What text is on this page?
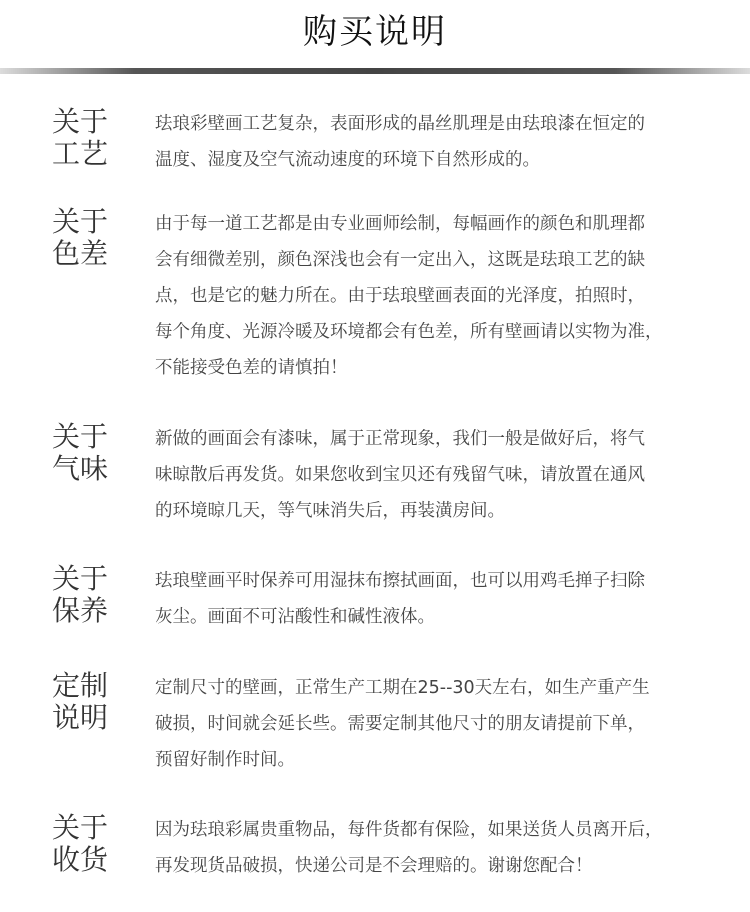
购买说明
关于
工艺
珐琅彩壁画工艺复杂，表面形成的晶丝肌理是由珐琅漆在恒定的
温度、湿度及空气流动速度的环境下自然形成的。
关于
色差
由于每一道工艺都是由专业画师绘制，每幅画作的颜色和肌理都
会有细微差别，颜色深浅也会有一定出入，这既是珐琅工艺的缺
点，也是它的魅力所在。由于珐琅壁画表面的光泽度，拍照时，
每个角度、光源冷暖及环境都会有色差，所有壁画请以实物为准，
不能接受色差的请慎拍！
关于
气味
新做的画面会有漆味，属于正常现象，我们一般是做好后，将气
味晾散后再发货。如果您收到宝贝还有残留气味，请放置在通风
的环境晾几天，等气味消失后，再装潢房间。
关于
保养
珐琅壁画平时保养可用湿抹布擦拭画面，也可以用鸡毛掸子扫除
灰尘。画面不可沾酸性和碱性液体。
定制
说明
定制尺寸的壁画，正常生产工期在25--30天左右，如生产重产生
破损，时间就会延长些。需要定制其他尺寸的朋友请提前下单，
预留好制作时间。
关于
收货
因为珐琅彩属贵重物品，每件货都有保险，如果送货人员离开后，
再发现货品破损，快递公司是不会理赔的。谢谢您配合！
